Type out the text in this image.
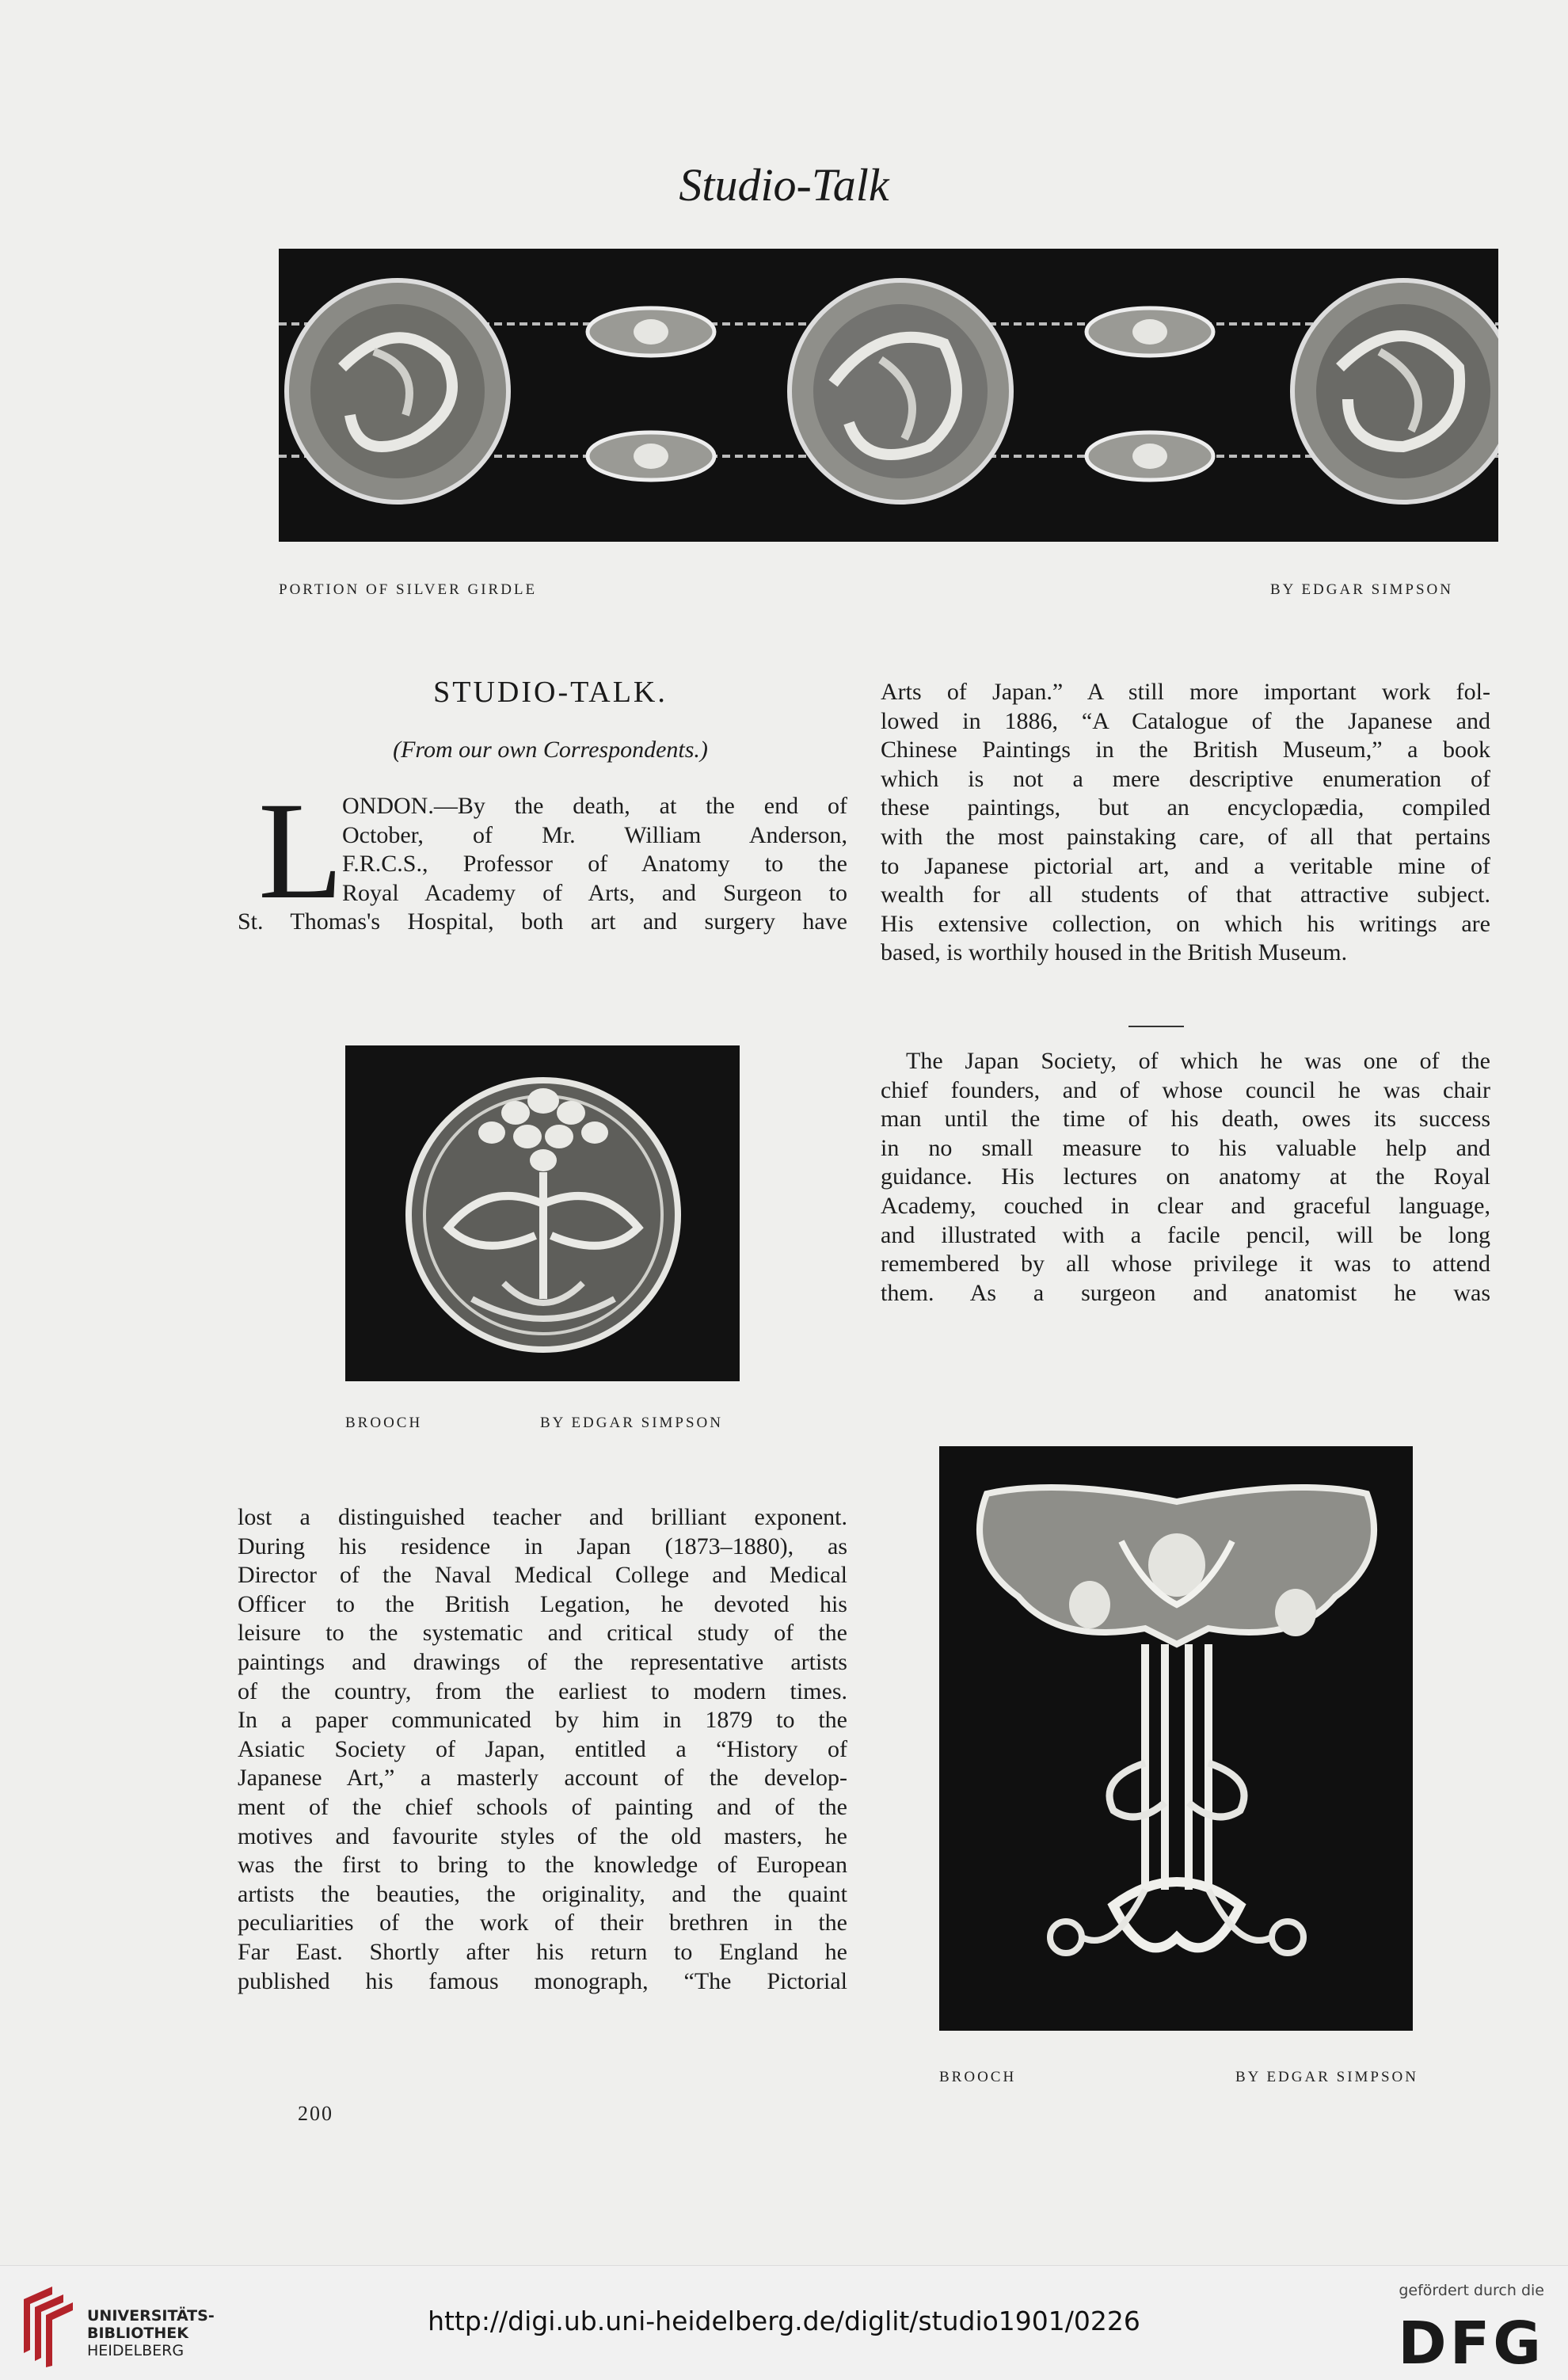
Studio-Talk
PORTION OF SILVER GIRDLE	BY EDGAR SIMPSON
STUDIO-TALK.
(From our own Correspondents.)
L

ONDON.—By the death, at the end of

October, of Mr. William Anderson,

F.R.C.S., Professor of Anatomy to the

Royal Academy of Arts, and Surgeon to

St. Thomas's Hospital, both art and surgery have

BROOCH	BY EDGAR SIMPSON

lost a distinguished teacher and brilliant exponent.

During his residence in Japan (1873–1880), as

Director of the Naval Medical College and Medical

Officer to the British Legation, he devoted his

leisure to the systematic and critical study of the

paintings and drawings of the representative artists

of the country, from the earliest to modern times.

In a paper communicated by him in 1879 to the

Asiatic Society of Japan, entitled a “History of

Japanese Art,” a masterly account of the develop-

ment of the chief schools of painting and of the

motives and favourite styles of the old masters, he

was the first to bring to the knowledge of European

artists the beauties, the originality, and the quaint

peculiarities of the work of their brethren in the

Far East. Shortly after his return to England he

published his famous monograph, “The Pictorial

Arts of Japan.” A still more important work fol-

lowed in 1886, “A Catalogue of the Japanese and

Chinese Paintings in the British Museum,” a book

which is not a mere descriptive enumeration of

these paintings, but an encyclopædia, compiled

with the most painstaking care, of all that pertains

to Japanese pictorial art, and a veritable mine of

wealth for all students of that attractive subject.

His extensive collection, on which his writings are

based, is worthily housed in the British Museum.

The Japan Society, of which he was one of the

chief founders, and of whose council he was chair

man until the time of his death, owes its success

in no small measure to his valuable help and

guidance. His lectures on anatomy at the Royal

Academy, couched in clear and graceful language,

and illustrated with a facile pencil, will be long

remembered by all whose privilege it was to attend

them. As a surgeon and anatomist he was

BROOCH	BY EDGAR SIMPSON
200
UNIVERSITÄTS-
BIBLIOTHEK
HEIDELBERG
http://digi.ub.uni-heidelberg.de/diglit/studio1901/0226
gefördert durch die
DFG
